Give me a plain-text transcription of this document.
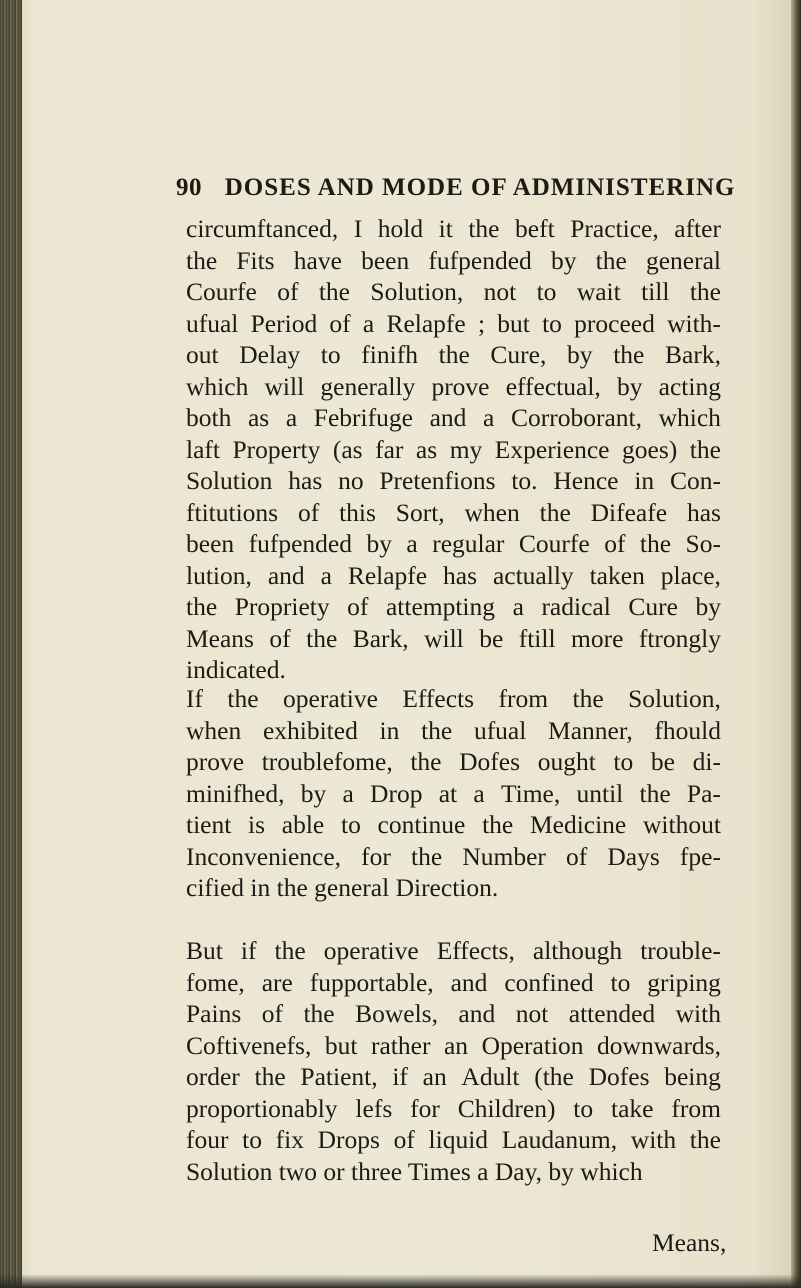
90 DOSES AND MODE OF ADMINISTERING
circumftanced, I hold it the beft Practice, after
the Fits have been fufpended by the general
Courfe of the Solution, not to wait till the
ufual Period of a Relapfe ; but to proceed with-
out Delay to finifh the Cure, by the Bark,
which will generally prove effectual, by acting
both as a Febrifuge and a Corroborant, which
laft Property (as far as my Experience goes) the
Solution has no Pretenfions to. Hence in Con-
ftitutions of this Sort, when the Difeafe has
been fufpended by a regular Courfe of the So-
lution, and a Relapfe has actually taken place,
the Propriety of attempting a radical Cure by
Means of the Bark, will be ftill more ftrongly
indicated.
If the operative Effects from the Solution,
when exhibited in the ufual Manner, fhould
prove troublefome, the Dofes ought to be di-
minifhed, by a Drop at a Time, until the Pa-
tient is able to continue the Medicine without
Inconvenience, for the Number of Days fpe-
cified in the general Direction.
But if the operative Effects, although trouble-
fome, are fupportable, and confined to griping
Pains of the Bowels, and not attended with
Coftivenefs, but rather an Operation downwards,
order the Patient, if an Adult (the Dofes being
proportionably lefs for Children) to take from
four to fix Drops of liquid Laudanum, with the
Solution two or three Times a Day, by which
Means,
